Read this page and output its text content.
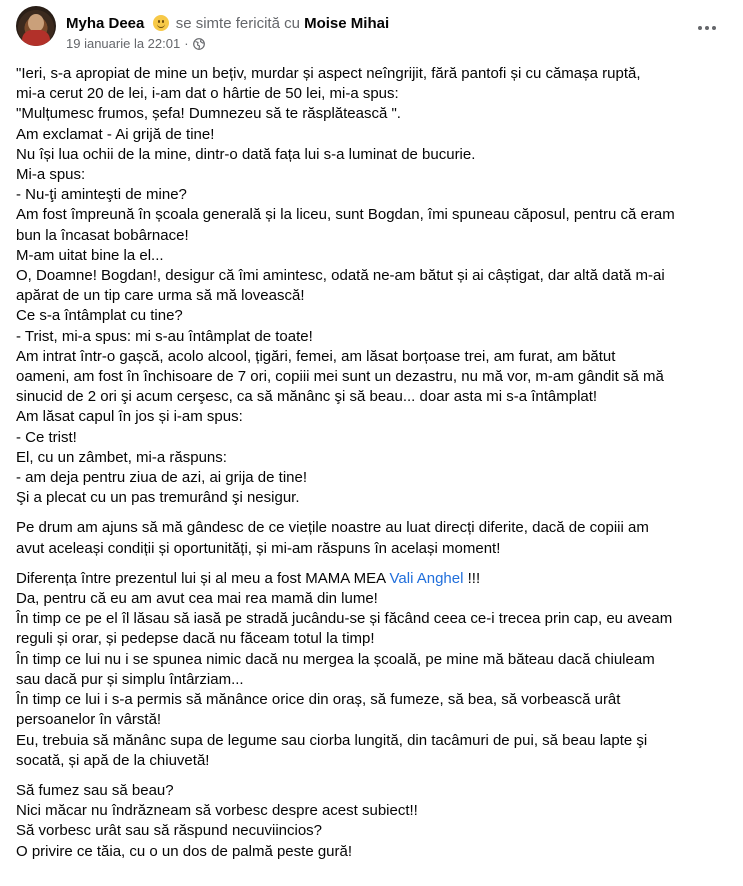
Myha Deea se simte fericită cu Moise Mihai
19 ianuarie la 22:01 ·
"Ieri, s-a apropiat de mine un bețiv, murdar și aspect neîngrijit, fără pantofi și cu cămașa ruptă,
mi-a cerut 20 de lei, i-am dat o hârtie de 50 lei, mi-a spus:
"Mulțumesc frumos, șefa! Dumnezeu să te răsplătească ".
Am exclamat - Ai grijă de tine!
Nu își lua ochii de la mine, dintr-o dată fața lui s-a luminat de bucurie.
Mi-a spus:
- Nu-ţi aminteşti de mine?
Am fost împreună în școala generală și la liceu, sunt Bogdan, îmi spuneau căposul, pentru că eram
bun la încasat bobârnace!
M-am uitat bine la el...
O, Doamne! Bogdan!, desigur că îmi amintesc, odată ne-am bătut și ai câștigat, dar altă dată m-ai
apărat de un tip care urma să mă lovească!
Ce s-a întâmplat cu tine?
- Trist, mi-a spus: mi s-au întâmplat de toate!
Am intrat într-o gașcă, acolo alcool, țigări, femei, am lăsat borțoase trei, am furat, am bătut
oameni, am fost în închisoare de 7 ori, copiii mei sunt un dezastru, nu mă vor, m-am gândit să mă
sinucid de 2 ori şi acum cerşesc, ca să mănânc şi să beau... doar asta mi s-a întâmplat!
Am lăsat capul în jos și i-am spus:
- Ce trist!
El, cu un zâmbet, mi-a răspuns:
- am deja pentru ziua de azi, ai grija de tine!
Şi a plecat cu un pas tremurând şi nesigur.
Pe drum am ajuns să mă gândesc de ce viețile noastre au luat direcți diferite, dacă de copiii am
avut aceleași condiții și oportunități, și mi-am răspuns în același moment!
Diferența între prezentul lui și al meu a fost MAMA MEA Vali Anghel !!!
Da, pentru că eu am avut cea mai rea mamă din lume!
În timp ce pe el îl lăsau să iasă pe stradă jucându-se și făcând ceea ce-i trecea prin cap, eu aveam
reguli și orar, și pedepse dacă nu făceam totul la timp!
În timp ce lui nu i se spunea nimic dacă nu mergea la școală, pe mine mă băteau dacă chiuleam
sau dacă pur și simplu întârziam...
În timp ce lui i s-a permis să mănânce orice din oraș, să fumeze, să bea, să vorbească urât
persoanelor în vârstă!
Eu, trebuia să mănânc supa de legume sau ciorba lungită, din tacâmuri de pui, să beau lapte şi
socată, și apă de la chiuvetă!
Să fumez sau să beau?
Nici măcar nu îndrăzneam să vorbesc despre acest subiect!!
Să vorbesc urât sau să răspund necuviincios?
O privire ce tăia, cu o un dos de palmă peste gură!
